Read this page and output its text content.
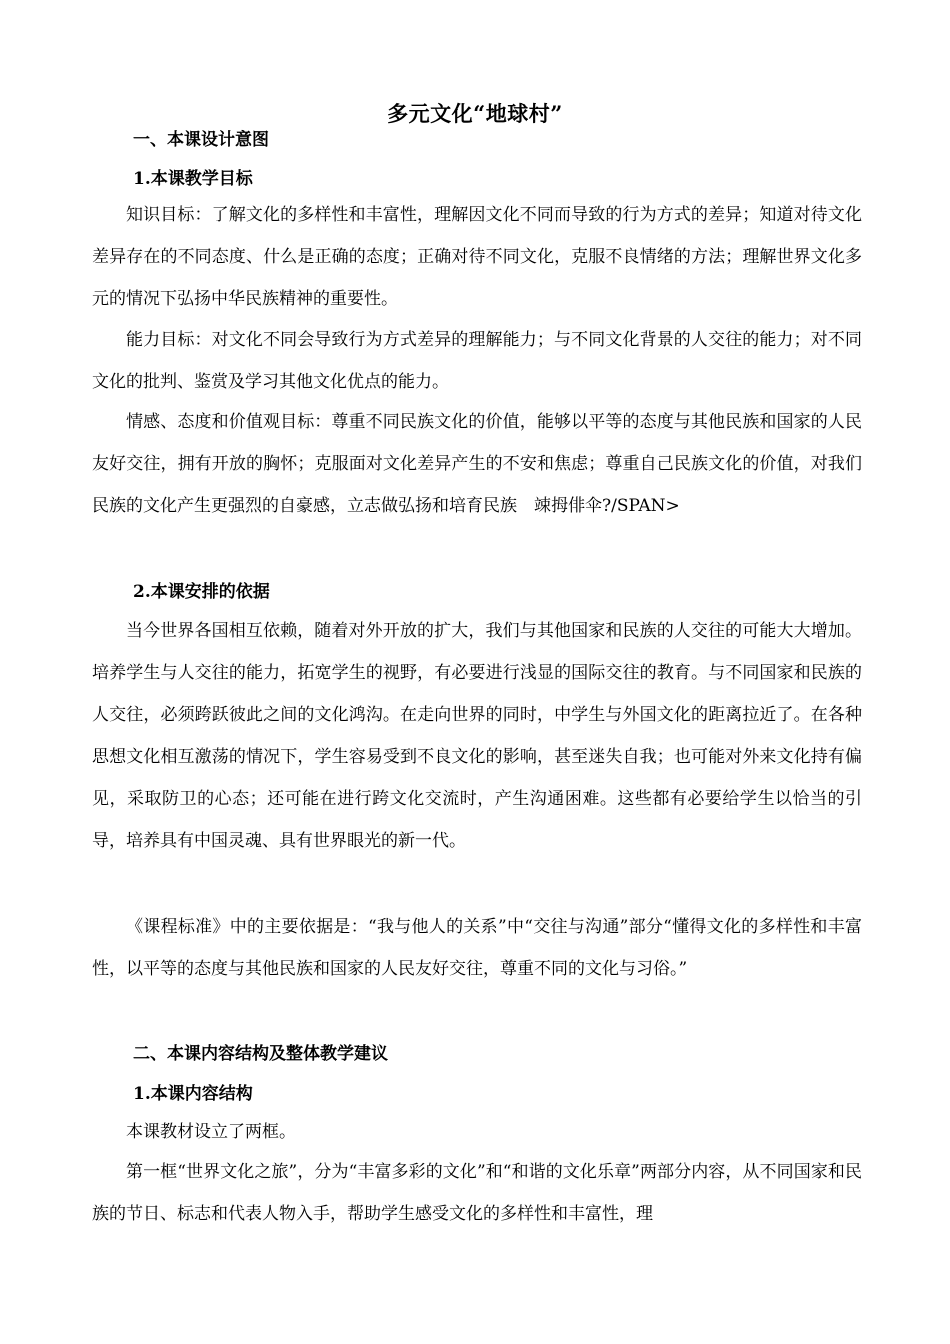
多元文化“地球村”
一、本课设计意图
1.本课教学目标

知识目标：了解文化的多样性和丰富性，理解因文化不同而导致的行为方式的差异；知道对待文化差异存在的不同态度、什么是正确的态度；正确对待不同文化，克服不良情绪的方法；理解世界文化多元的情况下弘扬中华民族精神的重要性。

能力目标：对文化不同会导致行为方式差异的理解能力；与不同文化背景的人交往的能力；对不同文化的批判、鉴赏及学习其他文化优点的能力。

情感、态度和价值观目标：尊重不同民族文化的价值，能够以平等的态度与其他民族和国家的人民友好交往，拥有开放的胸怀；克服面对文化差异产生的不安和焦虑；尊重自己民族文化的价值，对我们民族的文化产生更强烈的自豪感，立志做弘扬和培育民族　竦拇俳伞?/SPAN>

2.本课安排的依据

当今世界各国相互依赖，随着对外开放的扩大，我们与其他国家和民族的人交往的可能大大增加。培养学生与人交往的能力，拓宽学生的视野，有必要进行浅显的国际交往的教育。与不同国家和民族的人交往，必须跨跃彼此之间的文化鸿沟。在走向世界的同时，中学生与外国文化的距离拉近了。在各种思想文化相互激荡的情况下，学生容易受到不良文化的影响，甚至迷失自我；也可能对外来文化持有偏见，采取防卫的心态；还可能在进行跨文化交流时，产生沟通困难。这些都有必要给学生以恰当的引导，培养具有中国灵魂、具有世界眼光的新一代。

《课程标准》中的主要依据是：“我与他人的关系”中“交往与沟通”部分“懂得文化的多样性和丰富性，以平等的态度与其他民族和国家的人民友好交往，尊重不同的文化与习俗。”

二、本课内容结构及整体教学建议
1.本课内容结构

本课教材设立了两框。

第一框“世界文化之旅”，分为“丰富多彩的文化”和“和谐的文化乐章”两部分内容，从不同国家和民族的节日、标志和代表人物入手，帮助学生感受文化的多样性和丰富性，理
